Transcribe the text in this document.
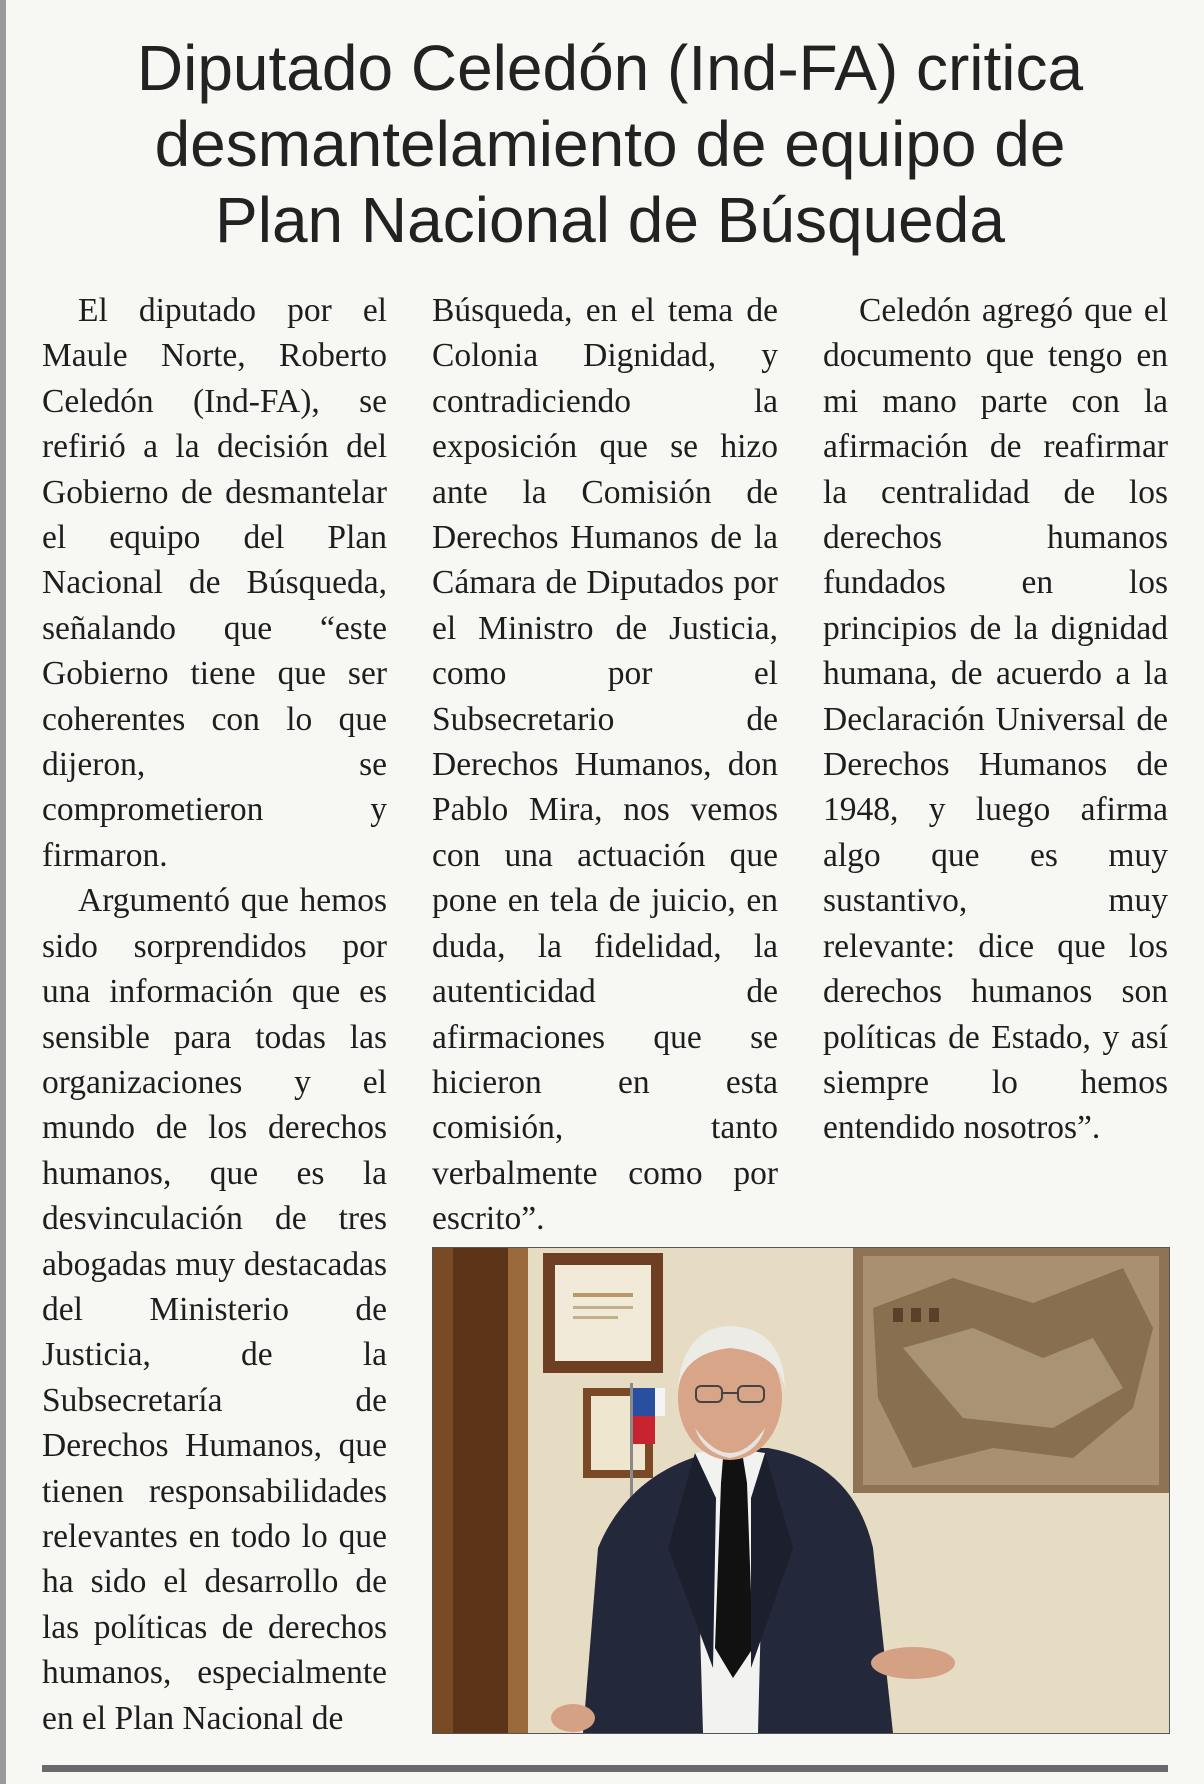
Diputado Celedón (Ind-FA) critica
desmantelamiento de equipo de
Plan Nacional de Búsqueda

El diputado por el Maule Norte, Roberto Celedón (Ind-FA), se refirió a la decisión del Gobierno de desmantelar el equipo del Plan Nacional de Búsqueda, señalando que “este Gobierno tiene que ser coherentes con lo que dijeron, se comprometieron y firmaron.

Argumentó que hemos sido sorprendidos por una información que es sensible para todas las organizaciones y el mundo de los derechos humanos, que es la desvinculación de tres abogadas muy destacadas del Ministerio de Justicia, de la Subsecretaría de Derechos Humanos, que tienen responsabilidades relevantes en todo lo que ha sido el desarrollo de las políticas de derechos humanos, especialmente en el Plan Nacional de

Búsqueda, en el tema de Colonia Dignidad, y contradiciendo la exposición que se hizo ante la Comisión de Derechos Humanos de la Cámara de Diputados por el Ministro de Justicia, como por el Subsecretario de Derechos Humanos, don Pablo Mira, nos vemos con una actuación que pone en tela de juicio, en duda, la fidelidad, la autenticidad de afirmaciones que se hicieron en esta comisión, tanto verbalmente como por escrito”.

Celedón agregó que el documento que tengo en mi mano parte con la afirmación de reafirmar la centralidad de los derechos humanos fundados en los principios de la dignidad humana, de acuerdo a la Declaración Universal de Derechos Humanos de 1948, y luego afirma algo que es muy sustantivo, muy relevante: dice que los derechos humanos son políticas de Estado, y así siempre lo hemos entendido nosotros”.
